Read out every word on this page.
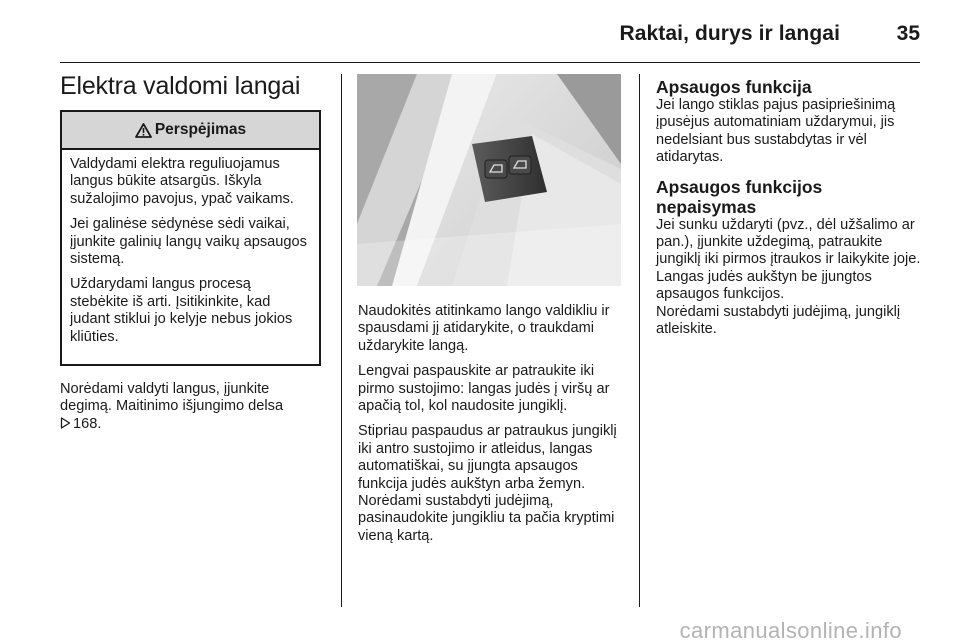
Raktai, durys ir langai	35
Elektra valdomi langai
Perspėjimas

Valdydami elektra reguliuojamus langus būkite atsargūs. Iškyla sužalojimo pavojus, ypač vaikams.

Jei galinėse sėdynėse sėdi vaikai, įjunkite galinių langų vaikų apsaugos sistemą.

Uždarydami langus procesą stebėkite iš arti. Įsitikinkite, kad judant stiklui jo kelyje nebus jokios kliūties.

Norėdami valdyti langus, įjunkite degimą. Maitinimo išjungimo delsa
168.

Naudokitės atitinkamo lango valdikliu ir spausdami jį atidarykite, o traukdami uždarykite langą.

Lengvai paspauskite ar patraukite iki pirmo sustojimo: langas judės į viršų ar apačią tol, kol naudosite jungiklį.

Stipriau paspaudus ar patraukus jungiklį iki antro sustojimo ir atleidus, langas automatiškai, su įjungta apsaugos funkcija judės aukštyn arba žemyn. Norėdami sustabdyti judėjimą, pasinaudokite jungikliu ta pačia kryptimi vieną kartą.

Apsaugos funkcija

Jei lango stiklas pajus pasipriešinimą įpusėjus automatiniam uždarymui, jis nedelsiant bus sustabdytas ir vėl atidarytas.

Apsaugos funkcijos
nepaisymas

Jei sunku uždaryti (pvz., dėl užšalimo ar pan.), įjunkite uždegimą, patraukite jungiklį iki pirmos įtraukos ir laikykite joje. Langas judės aukštyn be įjungtos apsaugos funkcijos.

Norėdami sustabdyti judėjimą, jungiklį atleiskite.

carmanualsonline.info
